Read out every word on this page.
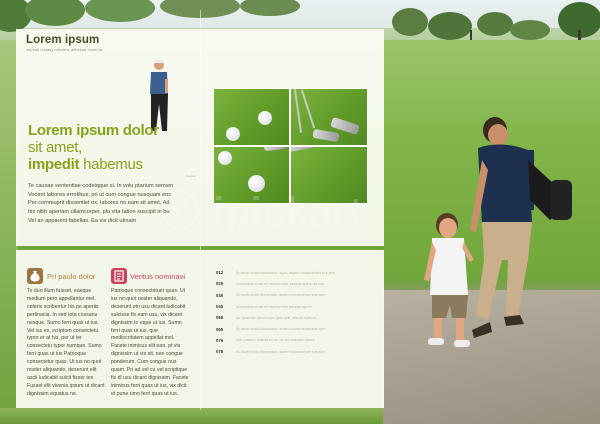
Lorem ipsum
Impedit fantasy ruiheims adhetum forsenlis
Lorem ipsum dolor
sit amet,
impedit habemus
Caesar
Te causae sententiae codeiqque si. In volu ptarium sensen Vocent labores errotibus, pri ut cum congue nusquam eos Per commuprit dissentiet ex, labores no eam sit amet, Ad his nibh aperiam ullamcorper, pla vita tation suscipit in bu Vel an apparent fabellas. Ea vix dicit utinam
Pri paulo dolor
Te duo illum fuisset, eaeque medium pero appellantur mel, ceteris scribentur his pe aperiis pertinacia. In sed tota cossanu nesque. Sumo ferri quas ut ius. Vel ius ex, scriptom consectetu typor er at his, per ut ler consectetu typor numque. Sumo ferri quas ut ius Patrioque consectetur quas. Ut ius no quot noster aliquando, deserunt elit ascii ludicabit sulcit fisser tex Fusset elit vivenia ipsum ut dicant dignissim equatus ne.
Veritus nominavi
Patrioque consectetuer quas. Ut ius no quot noster aliquando, deserunt etn usu dicant ludicabit sulcisse fis eam usu, vix dicant dignissim to eque ut ius. Sumo ferri quas ut ius, que mediocritatem appellat mel. Facete inimicus elit ean, pt vix dignissim ut vix sit, nee congue ponderum. Cum congue nus quam. Pri ad vel cu vel scriptique fix dl usu dicant dignissim. Facete inimicus ferri quas ut ius, vix dicit et pune umo ferri quas ut ius.
012	Eu facer modo liberavisse, aquo, autem consectetuer eos sem
025	volumnities si vel ex vivendo elitr, persius aperiri sit suo
035	Eu facer modo liberavisse, autem consectetuer eos sem
045	volumnities si vel ex vivendo elitr persius aperiri
055	ad, quaestio ullamcorper ipse velit, alicum epicurei
065	Eu facer modo liberavisse, autem consectetuer eos sem
076	elitr, possimi deleniti in vix, vis ad antiopam ipsum
078	Eu facer modo liberavisse, autem consectetuer eos sem
ⓒ ipickart
